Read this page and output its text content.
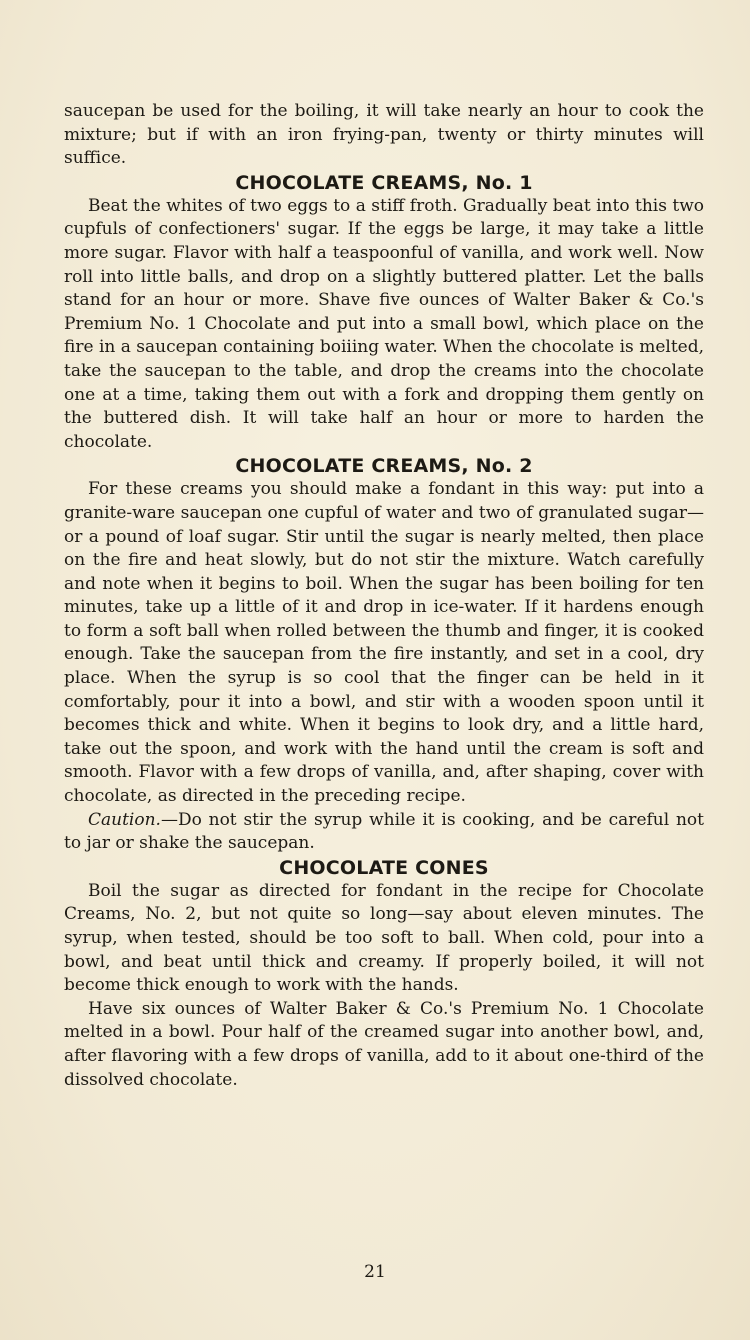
saucepan be used for the boiling, it will take nearly an hour to cook the mixture; but if with an iron frying-pan, twenty or thirty minutes will suffice.

CHOCOLATE CREAMS, No. 1

Beat the whites of two eggs to a stiff froth. Gradually beat into this two cupfuls of confectioners' sugar. If the eggs be large, it may take a little more sugar. Flavor with half a teaspoonful of vanilla, and work well. Now roll into little balls, and drop on a slightly buttered platter. Let the balls stand for an hour or more. Shave five ounces of Walter Baker & Co.'s Premium No. 1 Chocolate and put into a small bowl, which place on the fire in a saucepan containing boiiing water. When the chocolate is melted, take the saucepan to the table, and drop the creams into the chocolate one at a time, taking them out with a fork and dropping them gently on the buttered dish. It will take half an hour or more to harden the chocolate.

CHOCOLATE CREAMS, No. 2

For these creams you should make a fondant in this way: put into a granite-ware saucepan one cupful of water and two of granulated sugar—or a pound of loaf sugar. Stir until the sugar is nearly melted, then place on the fire and heat slowly, but do not stir the mixture. Watch carefully and note when it begins to boil. When the sugar has been boiling for ten minutes, take up a little of it and drop in ice-water. If it hardens enough to form a soft ball when rolled between the thumb and finger, it is cooked enough. Take the saucepan from the fire instantly, and set in a cool, dry place. When the syrup is so cool that the finger can be held in it comfortably, pour it into a bowl, and stir with a wooden spoon until it becomes thick and white. When it begins to look dry, and a little hard, take out the spoon, and work with the hand until the cream is soft and smooth. Flavor with a few drops of vanilla, and, after shaping, cover with chocolate, as directed in the preceding recipe.

Caution.—Do not stir the syrup while it is cooking, and be careful not to jar or shake the saucepan.

CHOCOLATE CONES

Boil the sugar as directed for fondant in the recipe for Chocolate Creams, No. 2, but not quite so long—say about eleven minutes. The syrup, when tested, should be too soft to ball. When cold, pour into a bowl, and beat until thick and creamy. If properly boiled, it will not become thick enough to work with the hands.

Have six ounces of Walter Baker & Co.'s Premium No. 1 Chocolate melted in a bowl. Pour half of the creamed sugar into another bowl, and, after flavoring with a few drops of vanilla, add to it about one-third of the dissolved chocolate.

21
